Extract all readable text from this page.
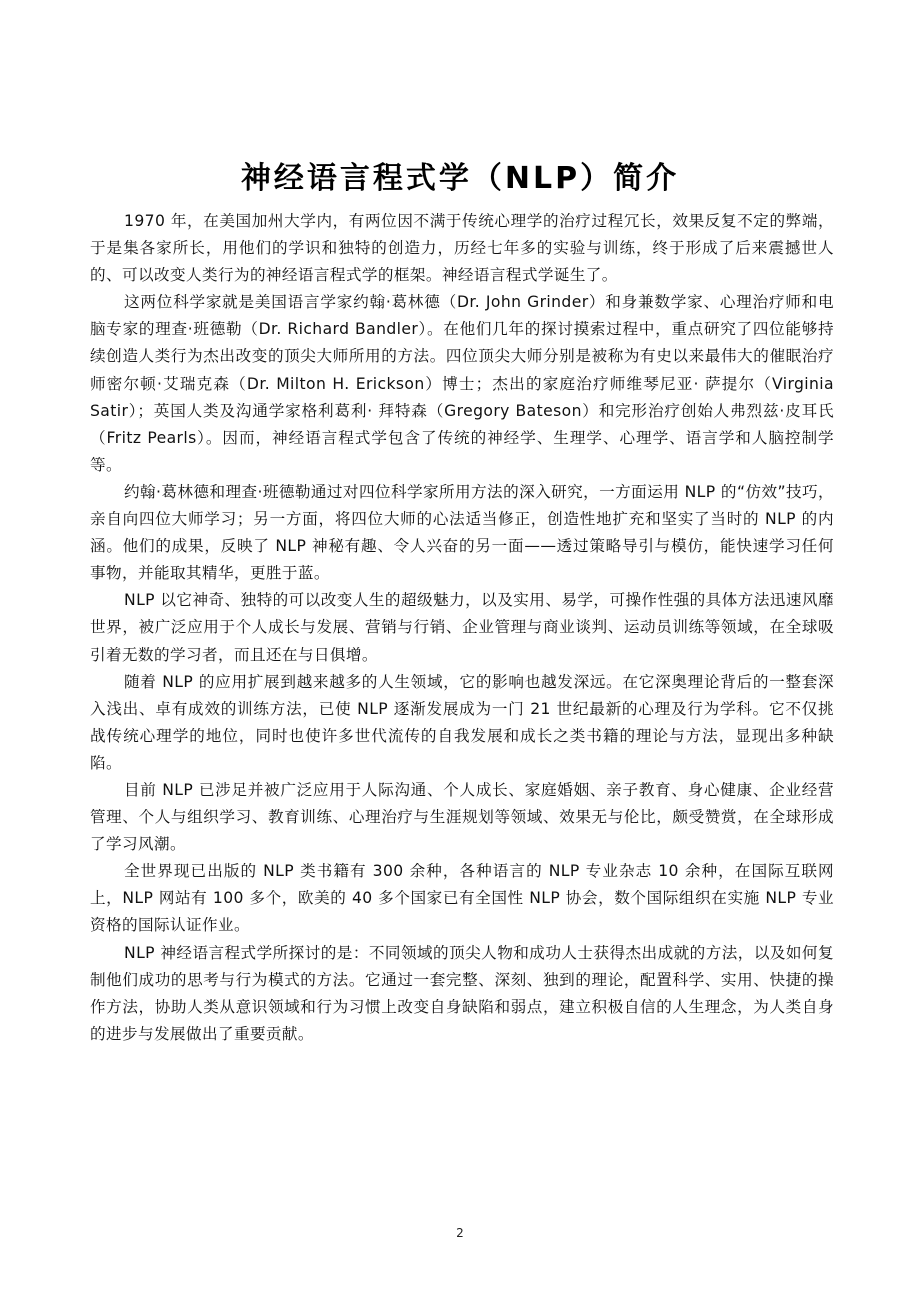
神经语言程式学（NLP）简介

1970 年，在美国加州大学内，有两位因不满于传统心理学的治疗过程冗长，效果反复不定的弊端，于是集各家所长，用他们的学识和独特的创造力，历经七年多的实验与训练，终于形成了后来震撼世人的、可以改变人类行为的神经语言程式学的框架。神经语言程式学诞生了。

这两位科学家就是美国语言学家约翰·葛林德（Dr. John Grinder）和身兼数学家、心理治疗师和电脑专家的理查·班德勒（Dr. Richard Bandler）。在他们几年的探讨摸索过程中，重点研究了四位能够持续创造人类行为杰出改变的顶尖大师所用的方法。四位顶尖大师分别是被称为有史以来最伟大的催眠治疗师密尔顿·艾瑞克森（Dr. Milton H. Erickson）博士；杰出的家庭治疗师维琴尼亚· 萨提尔（Virginia Satir）；英国人类及沟通学家格利葛利· 拜特森（Gregory Bateson）和完形治疗创始人弗烈兹·皮耳氏（Fritz Pearls）。因而，神经语言程式学包含了传统的神经学、生理学、心理学、语言学和人脑控制学等。

约翰·葛林德和理查·班德勒通过对四位科学家所用方法的深入研究，一方面运用 NLP 的“仿效”技巧，亲自向四位大师学习；另一方面，将四位大师的心法适当修正，创造性地扩充和坚实了当时的 NLP 的内涵。他们的成果，反映了 NLP 神秘有趣、令人兴奋的另一面——透过策略导引与模仿，能快速学习任何事物，并能取其精华，更胜于蓝。

NLP 以它神奇、独特的可以改变人生的超级魅力，以及实用、易学，可操作性强的具体方法迅速风靡世界，被广泛应用于个人成长与发展、营销与行销、企业管理与商业谈判、运动员训练等领域，在全球吸引着无数的学习者，而且还在与日俱增。

随着 NLP 的应用扩展到越来越多的人生领域，它的影响也越发深远。在它深奥理论背后的一整套深入浅出、卓有成效的训练方法，已使 NLP 逐渐发展成为一门 21 世纪最新的心理及行为学科。它不仅挑战传统心理学的地位，同时也使许多世代流传的自我发展和成长之类书籍的理论与方法，显现出多种缺陷。

目前 NLP 已涉足并被广泛应用于人际沟通、个人成长、家庭婚姻、亲子教育、身心健康、企业经营管理、个人与组织学习、教育训练、心理治疗与生涯规划等领域、效果无与伦比，颇受赞赏，在全球形成了学习风潮。

全世界现已出版的 NLP 类书籍有 300 余种，各种语言的 NLP 专业杂志 10 余种，在国际互联网上，NLP 网站有 100 多个，欧美的 40 多个国家已有全国性 NLP 协会，数个国际组织在实施 NLP 专业资格的国际认证作业。

NLP 神经语言程式学所探讨的是：不同领域的顶尖人物和成功人士获得杰出成就的方法，以及如何复制他们成功的思考与行为模式的方法。它通过一套完整、深刻、独到的理论，配置科学、实用、快捷的操作方法，协助人类从意识领域和行为习惯上改变自身缺陷和弱点，建立积极自信的人生理念，为人类自身的进步与发展做出了重要贡献。

2
